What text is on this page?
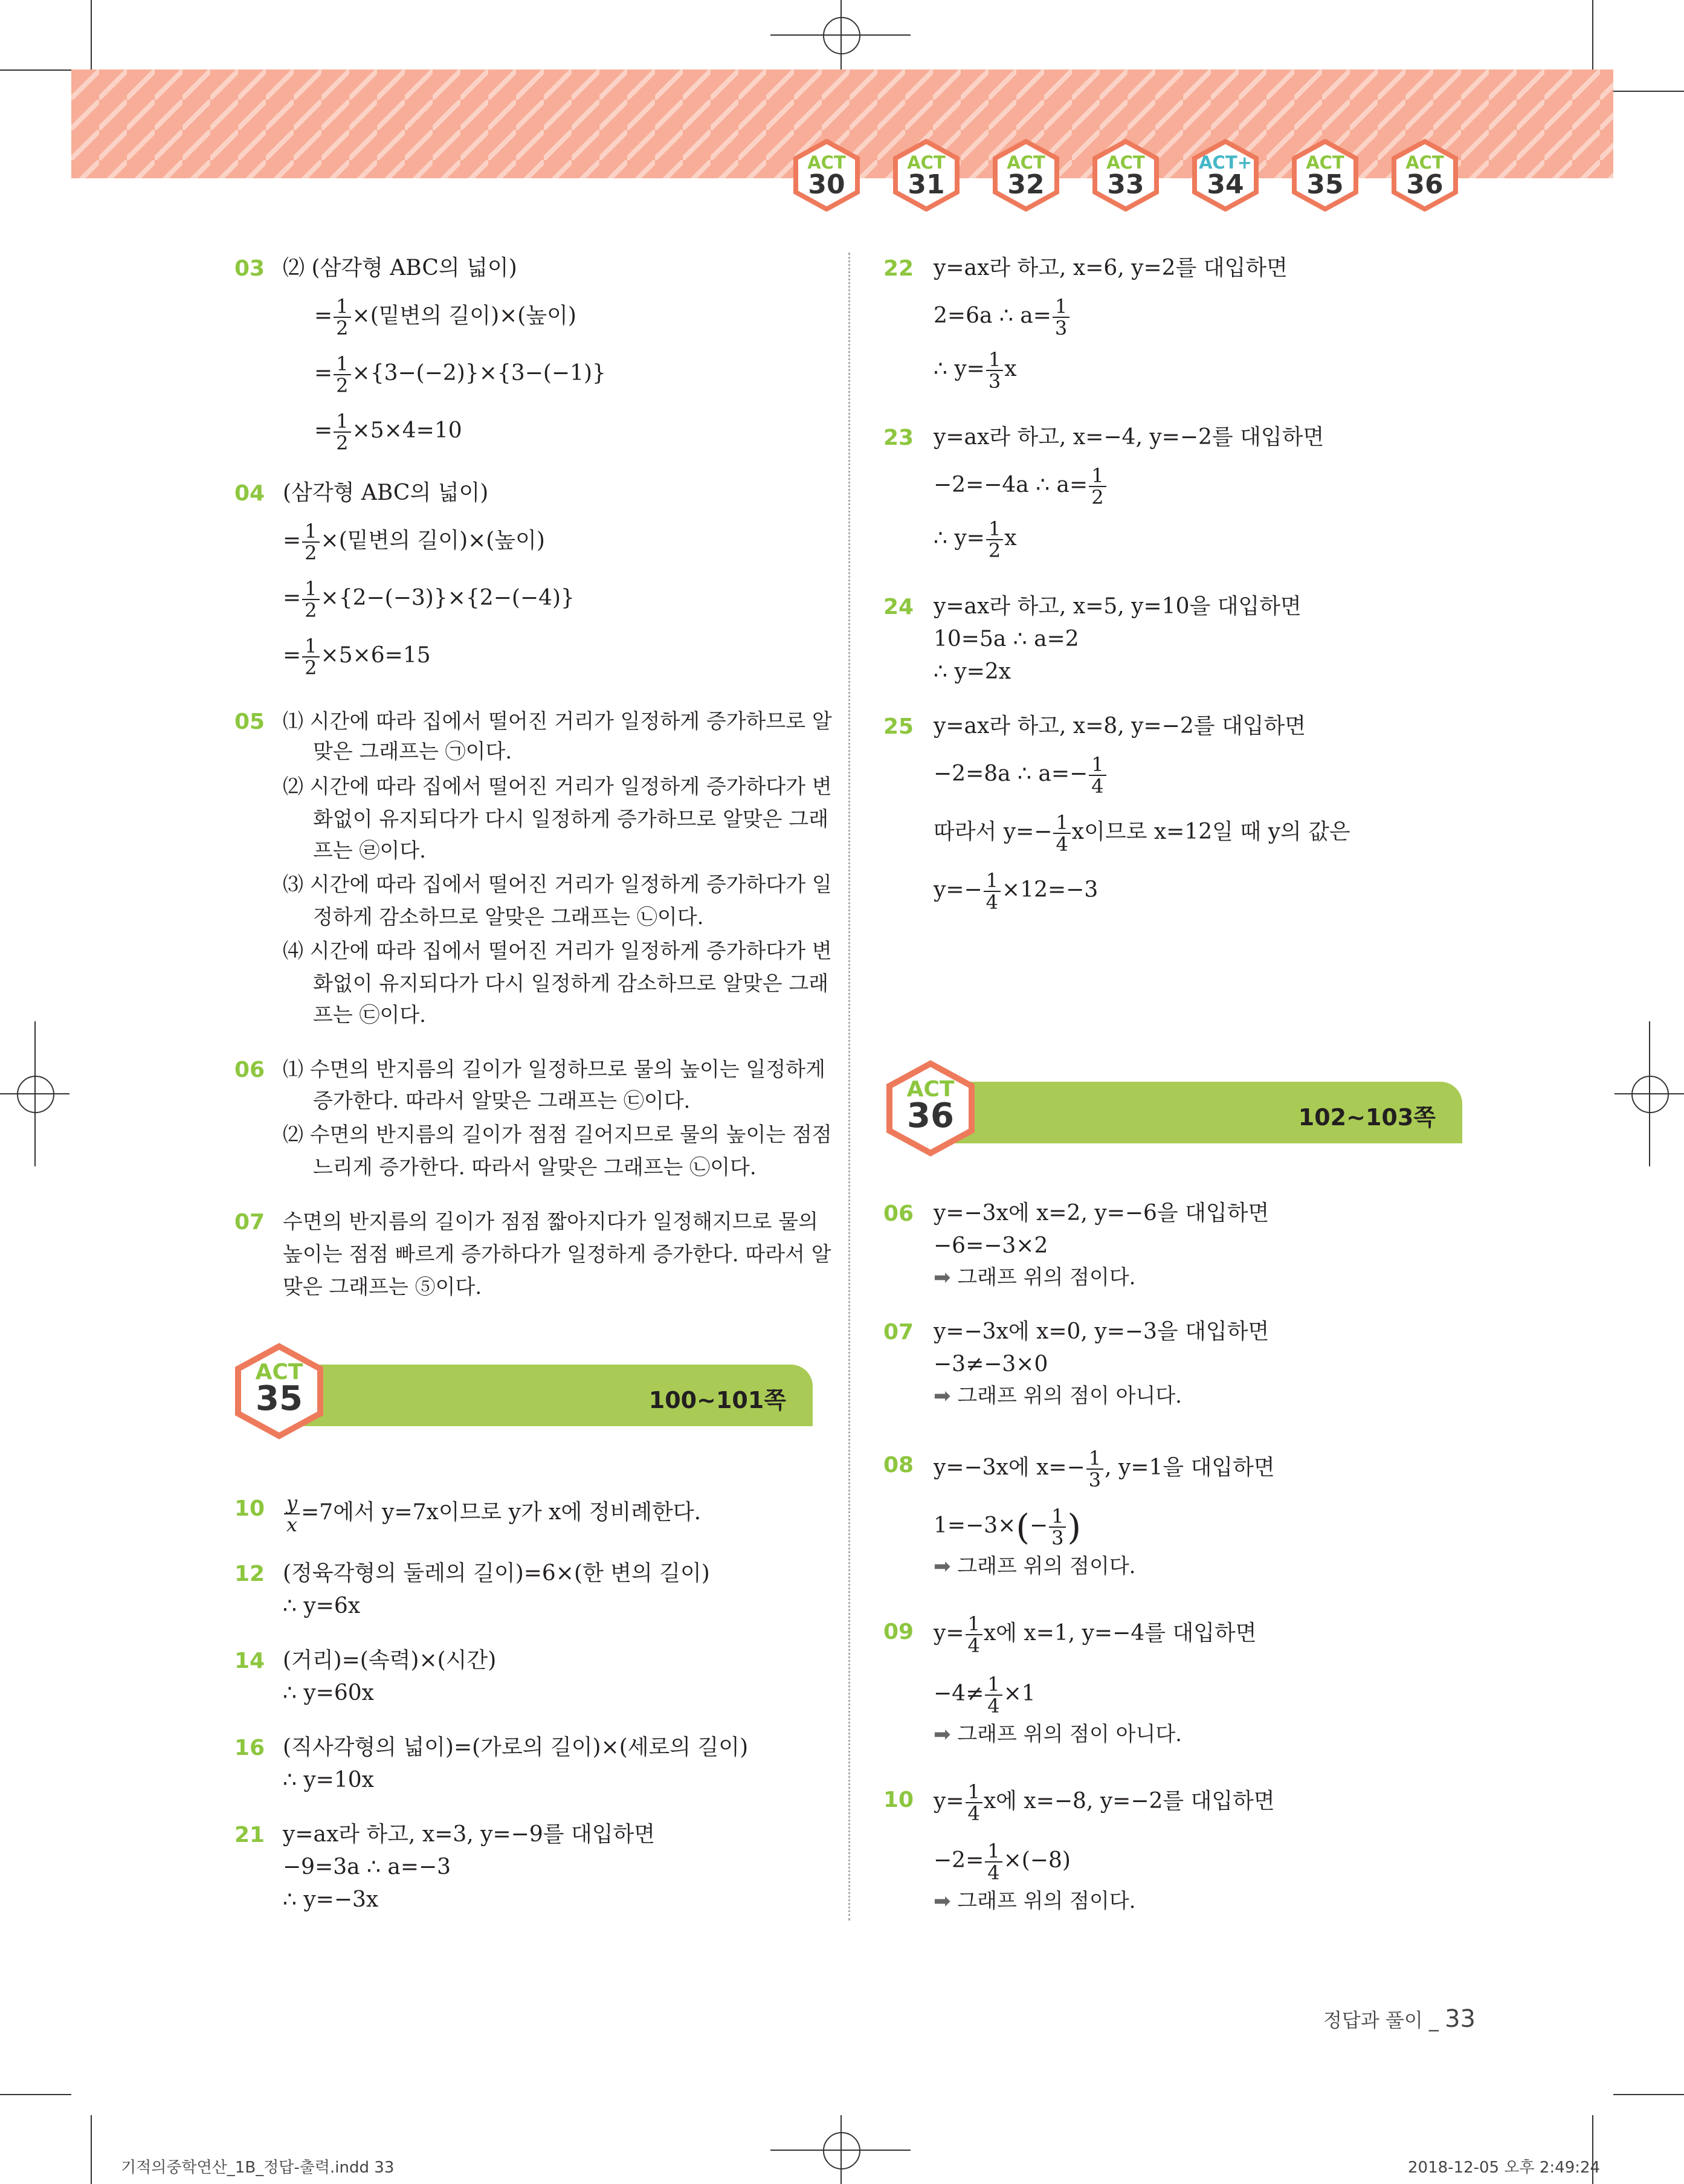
ACT
30
ACT
31
ACT
32
ACT
33
ACT+
34
ACT
35
ACT
36
03 ⑵ (삼각형 ABC의 넓이)
= $\frac{1}{2}$ ×(밑변의 길이)×(높이)
= $\frac{1}{2} \times\{3-(-2)\}\times\{3-(-1)\}$
= $\frac{1}{2} \times 5\times 4=10$
04 (삼각형 ABC의 넓이)
= $\frac{1}{2}$ ×(밑변의 길이)×(높이)
= $\frac{1}{2} \times\{2-(-3)\}\times\{2-(-4)\}$
= $\frac{1}{2} \times 5\times 6=15$
05 ⑴ 시간에 따라 집에서 떨어진 거리가 일정하게 증가하므로 알
맞은 그래프는 ㉠이다.
⑵ 시간에 따라 집에서 떨어진 거리가 일정하게 증가하다가 변
화없이 유지되다가 다시 일정하게 증가하므로 알맞은 그래
프는 ㉣이다.
⑶ 시간에 따라 집에서 떨어진 거리가 일정하게 증가하다가 일
정하게 감소하므로 알맞은 그래프는 ㉡이다.
⑷ 시간에 따라 집에서 떨어진 거리가 일정하게 증가하다가 변
화없이 유지되다가 다시 일정하게 감소하므로 알맞은 그래
프는 ㉢이다.
06 ⑴ 수면의 반지름의 길이가 일정하므로 물의 높이는 일정하게
증가한다. 따라서 알맞은 그래프는 ㉢이다.
⑵ 수면의 반지름의 길이가 점점 길어지므로 물의 높이는 점점
느리게 증가한다. 따라서 알맞은 그래프는 ㉡이다.
07 수면의 반지름의 길이가 점점 짧아지다가 일정해지므로 물의
높이는 점점 빠르게 증가하다가 일정하게 증가한다. 따라서 알
맞은 그래프는 ⑤이다.
100~101쪽
ACT
35
$10 \frac{y}{x} =7$에서 y=7x이므로 y가 x에 정비례한다.
12 (정육각형의 둘레의 길이)=6×(한 변의 길이)
∴ y=6x
14 (거리)=(속력)×(시간)
∴ y=60x
16 (직사각형의 넓이)=(가로의 길이)×(세로의 길이)
∴ y=10x
21 y=ax라 하고, x=3, y=−9를 대입하면
−9=3a ∴ a=−3
∴ y=−3x
22 y=ax라 하고, x=6, y=2를 대입하면
2=6a ∴ $a= \frac{1}{3}$
∴ $y= \frac{1}{3}$ x
23 y=ax라 하고, x=−4, y=−2를 대입하면
−2=−4a ∴ $a= \frac{1}{2}$
∴ $y= \frac{1}{2}$ x
24 y=ax라 하고, x=5, y=10을 대입하면
10=5a ∴ a=2
∴ y=2x
25 y=ax라 하고, x=8, y=−2를 대입하면
−2=8a ∴ $a=- \frac{1}{4}$
따라서 $y=- \frac{1}{4}$ x이므로 x=12일 때 y의 값은
$y=- \frac{1}{4} \times 12=-3$
102~103쪽
ACT
36
06 y=−3x에 x=2, y=−6을 대입하면
−6=−3×2
➡ 그래프 위의 점이다.
07 y=−3x에 x=0, y=−3을 대입하면
−3≠−3×0
➡ 그래프 위의 점이 아니다.
08 y=−3x에 $x=- \frac{1}{3}$ , y=1을 대입하면
$1=-3\times(- \frac{1}{3}$ )
➡ 그래프 위의 점이다.
09 $y= \frac{1}{4}$ x에 x=1, y=−4를 대입하면
$-4\ne \frac{1}{4} \times 1$
➡ 그래프 위의 점이 아니다.
10 $y= \frac{1}{4}$ x에 x=−8, y=−2를 대입하면
$-2= \frac{1}{4} \times(-8)$
➡ 그래프 위의 점이다.
정답과 풀이 _ 33
기적의중학연산_1B_정답-출력.indd 33	2018-12-05 오후 2:49:24
